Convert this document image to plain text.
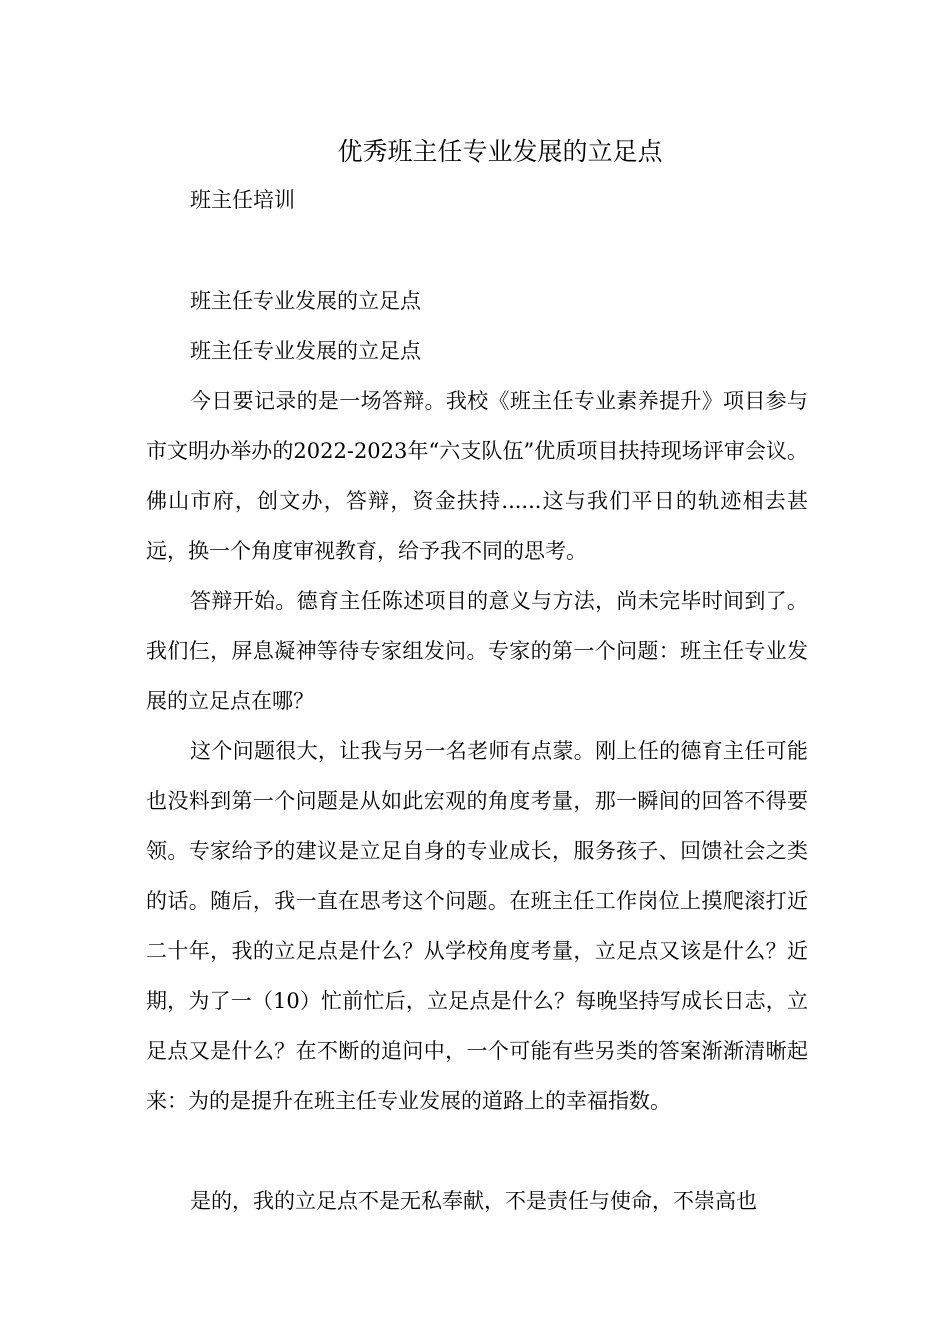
优秀班主任专业发展的立足点

班主任培训

班主任专业发展的立足点

班主任专业发展的立足点

今日要记录的是一场答辩。我校《班主任专业素养提升》项目参与市文明办举办的2022-2023年“六支队伍”优质项目扶持现场评审会议。佛山市府，创文办，答辩，资金扶持......这与我们平日的轨迹相去甚远，换一个角度审视教育，给予我不同的思考。

答辩开始。德育主任陈述项目的意义与方法，尚未完毕时间到了。我们仨，屏息凝神等待专家组发问。专家的第一个问题：班主任专业发展的立足点在哪？

这个问题很大，让我与另一名老师有点蒙。刚上任的德育主任可能也没料到第一个问题是从如此宏观的角度考量，那一瞬间的回答不得要领。专家给予的建议是立足自身的专业成长，服务孩子、回馈社会之类的话。随后，我一直在思考这个问题。在班主任工作岗位上摸爬滚打近二十年，我的立足点是什么？从学校角度考量，立足点又该是什么？近期，为了一（10）忙前忙后，立足点是什么？每晚坚持写成长日志，立足点又是什么？在不断的追问中，一个可能有些另类的答案渐渐清晰起来：为的是提升在班主任专业发展的道路上的幸福指数。

是的，我的立足点不是无私奉献，不是责任与使命，不崇高也
